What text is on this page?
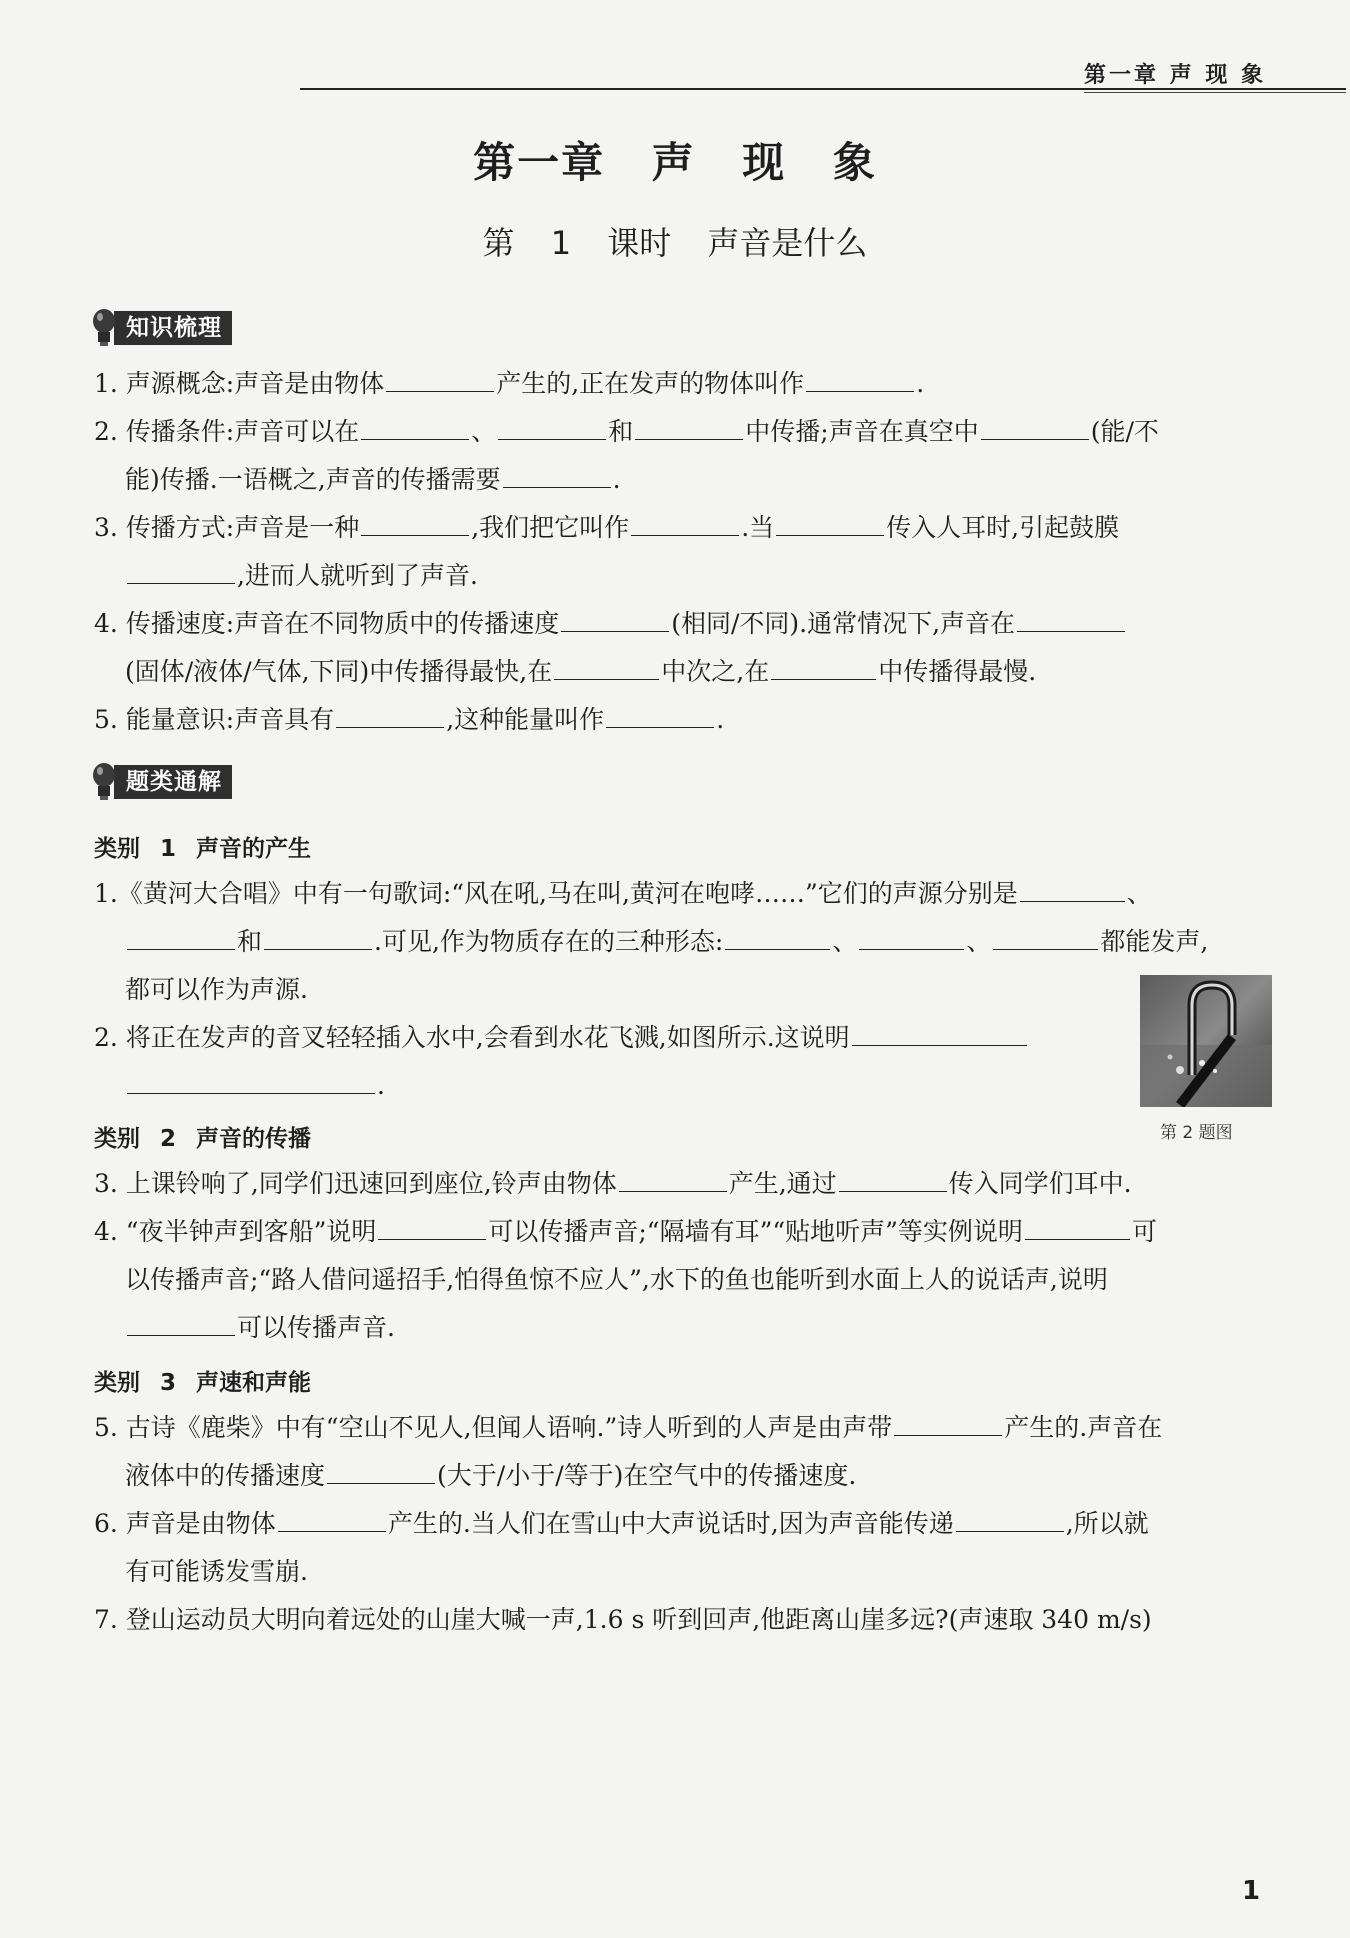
第一章 声 现 象
第一章 声 现 象
第 1 课时 声音是什么
知识梳理
1. 声源概念:声音是由物体	产生的,正在发声的物体叫作	.
2. 传播条件:声音可以在	、	和	中传播;声音在真空中	(能/不
能)传播.一语概之,声音的传播需要	.
3. 传播方式:声音是一种	,我们把它叫作	.当	传入人耳时,引起鼓膜
,进而人就听到了声音.
4. 传播速度:声音在不同物质中的传播速度	(相同/不同).通常情况下,声音在
(固体/液体/气体,下同)中传播得最快,在	中次之,在	中传播得最慢.
5. 能量意识:声音具有	,这种能量叫作	.
题类通解
类别 1 声音的产生
1.《黄河大合唱》中有一句歌词:“风在吼,马在叫,黄河在咆哮……”它们的声源分别是	、
和	.可见,作为物质存在的三种形态:	、	、	都能发声,
都可以作为声源.
2. 将正在发声的音叉轻轻插入水中,会看到水花飞溅,如图所示.这说明
.
第 2 题图
类别 2 声音的传播
3. 上课铃响了,同学们迅速回到座位,铃声由物体	产生,通过	传入同学们耳中.
4. “夜半钟声到客船”说明	可以传播声音;“隔墙有耳”“贴地听声”等实例说明	可
以传播声音;“路人借问遥招手,怕得鱼惊不应人”,水下的鱼也能听到水面上人的说话声,说明
可以传播声音.
类别 3 声速和声能
5. 古诗《鹿柴》中有“空山不见人,但闻人语响.”诗人听到的人声是由声带	产生的.声音在
液体中的传播速度	(大于/小于/等于)在空气中的传播速度.
6. 声音是由物体	产生的.当人们在雪山中大声说话时,因为声音能传递	,所以就
有可能诱发雪崩.
7. 登山运动员大明向着远处的山崖大喊一声,1.6 s 听到回声,他距离山崖多远?(声速取 340 m/s)
1
